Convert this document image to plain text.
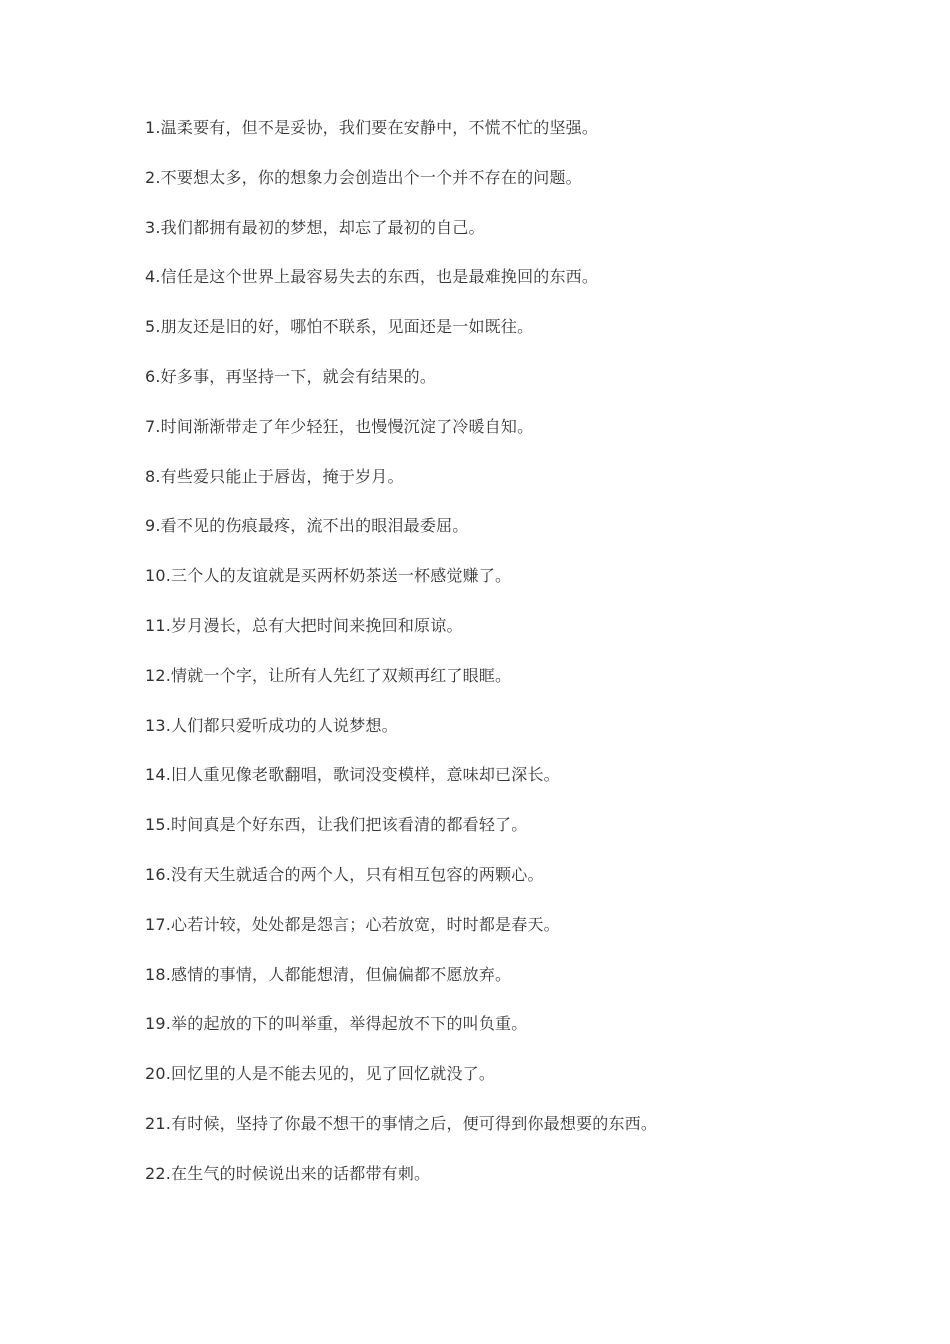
1.温柔要有，但不是妥协，我们要在安静中，不慌不忙的坚强。
2.不要想太多，你的想象力会创造出个一个并不存在的问题。
3.我们都拥有最初的梦想，却忘了最初的自己。
4.信任是这个世界上最容易失去的东西，也是最难挽回的东西。
5.朋友还是旧的好，哪怕不联系，见面还是一如既往。
6.好多事，再坚持一下，就会有结果的。
7.时间渐渐带走了年少轻狂，也慢慢沉淀了冷暖自知。
8.有些爱只能止于唇齿，掩于岁月。
9.看不见的伤痕最疼，流不出的眼泪最委屈。
10.三个人的友谊就是买两杯奶茶送一杯感觉赚了。
11.岁月漫长，总有大把时间来挽回和原谅。
12.情就一个字，让所有人先红了双颊再红了眼眶。
13.人们都只爱听成功的人说梦想。
14.旧人重见像老歌翻唱，歌词没变模样，意味却已深长。
15.时间真是个好东西，让我们把该看清的都看轻了。
16.没有天生就适合的两个人，只有相互包容的两颗心。
17.心若计较，处处都是怨言；心若放宽，时时都是春天。
18.感情的事情，人都能想清，但偏偏都不愿放弃。
19.举的起放的下的叫举重，举得起放不下的叫负重。
20.回忆里的人是不能去见的，见了回忆就没了。
21.有时候，坚持了你最不想干的事情之后，便可得到你最想要的东西。
22.在生气的时候说出来的话都带有刺。
